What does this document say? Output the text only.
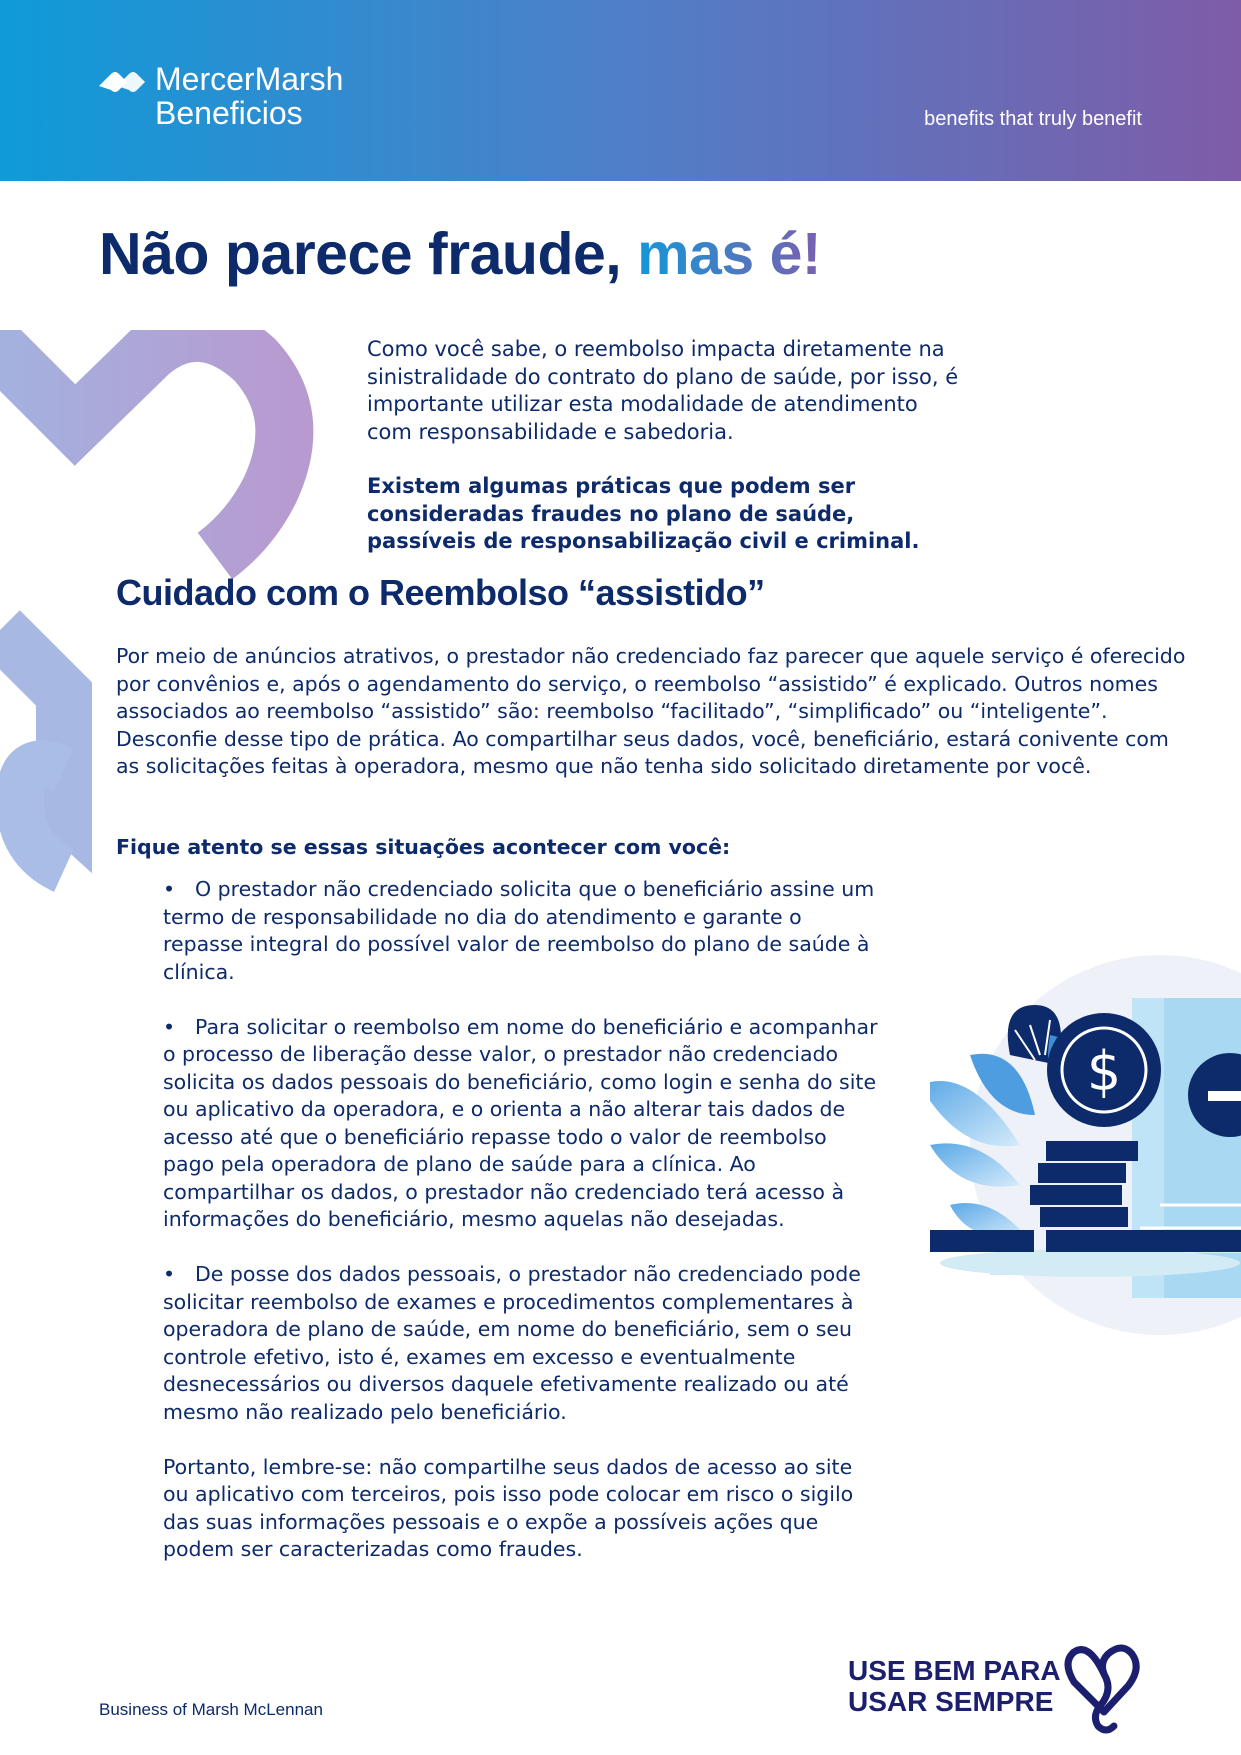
MercerMarsh
Beneficios	benefits that truly benefit
Não parece fraude, mas é!

Como você sabe, o reembolso impacta diretamente na sinistralidade do contrato do plano de saúde, por isso, é importante utilizar esta modalidade de atendimento com responsabilidade e sabedoria.

Existem algumas práticas que podem ser consideradas fraudes no plano de saúde, passíveis de responsabilização civil e criminal.

Cuidado com o Reembolso “assistido”

Por meio de anúncios atrativos, o prestador não credenciado faz parecer que aquele serviço é oferecido por convênios e, após o agendamento do serviço, o reembolso “assistido” é explicado. Outros nomes associados ao reembolso “assistido” são: reembolso “facilitado”, “simplificado” ou “inteligente”. Desconfie desse tipo de prática. Ao compartilhar seus dados, você, beneficiário, estará conivente com as solicitações feitas à operadora, mesmo que não tenha sido solicitado diretamente por você.

Fique atento se essas situações acontecer com você:

• O prestador não credenciado solicita que o beneficiário assine um termo de responsabilidade no dia do atendimento e garante o repasse integral do possível valor de reembolso do plano de saúde à clínica.

• Para solicitar o reembolso em nome do beneficiário e acompanhar o processo de liberação desse valor, o prestador não credenciado solicita os dados pessoais do beneficiário, como login e senha do site ou aplicativo da operadora, e o orienta a não alterar tais dados de acesso até que o beneficiário repasse todo o valor de reembolso pago pela operadora de plano de saúde para a clínica. Ao compartilhar os dados, o prestador não credenciado terá acesso à informações do beneficiário, mesmo aquelas não desejadas.

• De posse dos dados pessoais, o prestador não credenciado pode solicitar reembolso de exames e procedimentos complementares à operadora de plano de saúde, em nome do beneficiário, sem o seu controle efetivo, isto é, exames em excesso e eventualmente desnecessários ou diversos daquele efetivamente realizado ou até mesmo não realizado pelo beneficiário.

Portanto, lembre-se: não compartilhe seus dados de acesso ao site ou aplicativo com terceiros, pois isso pode colocar em risco o sigilo das suas informações pessoais e o expõe a possíveis ações que podem ser caracterizadas como fraudes.

$
Business of Marsh McLennan
USE BEM PARA
USAR SEMPRE
